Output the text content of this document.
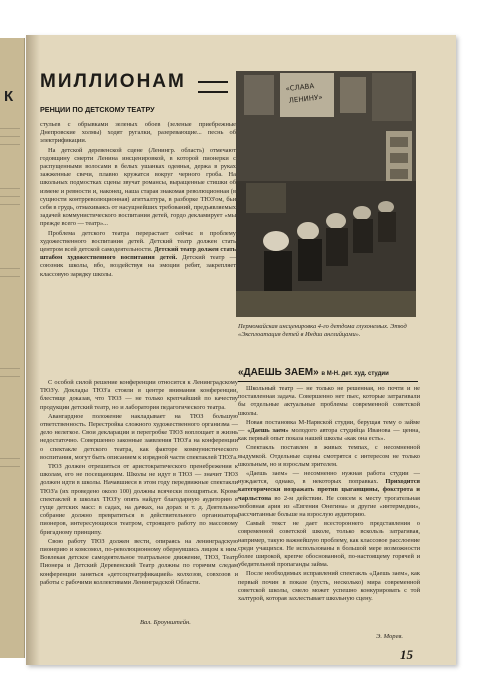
К
МИЛЛИОНАМ
РЕНЦИИ ПО ДЕТСКОМУ ТЕАТРУ

стульев с обрывками зеленых обоев (зеленые приебрежные Днепровские холмы) ходят ругалки, разеревающие... песнь об электрификации.

На детской деревенской сцене (Ленингр. область) отмечают годовщину смерти Ленина инсценировкой, в которой пионерки с распущенными волосами в белых ушанках одеянья, держа в руках зажженные свечи, плавно кружатся вокруг черного гроба. На школьных подмостках сцены звучат романсы, выращенные стишки об измене и ревности и, наконец, наша старая знакомая революционная (в сущности контрреволюционная) агитхалтура, в разборке ТЮЗ'ом, бьи себя в грудь, отмахиваясь от насущнейших требований, предъявляемых задачей коммунистического воспитания детей, гордо декламирует «мы прежде всего — театр»...

Проблема детского театра перерастает сейчас в проблему художественного воспитания детей. Детский театр должен стать центром всей детской самодеятельности. Детский театр должен стать штабом художественного воспитания детей. Детский театр — союзник школы, вбо, воздействуя на эмоции ребят, закрепляет классовую зарядку школы.

С особой силой решение конференции относится к Ленинградскому ТЮЗ'у. Доклады ТЮЗ'а стояли в центре внимания конференции, блестяще доказав, что ТЮЗ — не только крепчайший по качеству продукции детский театр, но и лаборатория педагогического театра.

Авангардное положение накладывает на ТЮЗ большую ответственность. Перестройка сложного художественного организма — дело нелегкое. Свои декларации и перегробке ТЮЗ воплощает в жизнь недостаточно. Совершенно законные заявления ТЮЗ'а на конференции о спектакле детского театра, как факторе коммунистического воспитания, могут быть описанием к изрядной части спектаклей ТЮЗ'а.

ТЮЗ должен отрешиться от аристократического пренебрежения к школам, его не посещающим. Школы не идут в ТЮЗ — значит ТЮЗ должен идти в школы. Начавшиеся в этом году передвижные спектакли ТЮЗ'а (их проведено около 100) должны всячески поощряться. Кроме спектаклей в школах ТЮЗ'у опять найдут благодарную аудиторию в гуще детских масс: в садах, на дачках, на дорах и т. д. Деятельное собрание должно превратиться в действительного организатора пионеров, интересующихся театром, строящего работу по массовому бригадному принципу.

Свою работу ТЮЗ должен вести, опираясь на ленинградскую пионерию и комсомол, по-революционному обернувшись лицом к ним. Вовлекая детское самодеятельное театральное движение, ТЮЗ, Театр Пионера и Детский Деревенский Театр должны по горячим следам конференции заняться «детсоцтеатрфикацией» колхозов, совхозов и работы с рабочими коллективами Ленинградской Области.

Вал. Броунштейн.
«СЛАВА
ЛЕНИНУ»
Пермомайская инсценировка 4-го детдома глухонемых. Этюд «Эксплоатация детей в Индии английцами».
«ДАЕШЬ ЗАЕМ» в М-Н. дет. худ. студии

Школьный театр — не только не решенная, но почти и не поставленная задача. Совершенно нет пьес, которые затрагивали бы отдельные актуальные проблемы современной советской школы.

Новая постановка М-Нарвской студии, берущая тему о займе — «Даешь заем» молодого автора студийца Иванова — ценна, как первый опыт показа нашей школы «как она есть».

Спектакль поставлен в живых темпах, с несомненной выдумкой. Отдельные сцены смотрятся с интересом не только школьным, но и взрослым зрителем.

«Даешь заем» — несомненно нужная работа студии — нуждается, однако, в некоторых поправках. Приходится категорически возражать против цыганщины, фокстрота и чарльстона во 2-м действии. Не совсем к месту трогательная любовная ария из «Евгения Онегина» и другие «интермедии», рассчитанные больше на взрослую аудиторию.

Самый текст не дает всестороннего представления о современной советской школе, только вскользь затрагивая, например, такую важнейшую проблему, как классовое расслоение среди учащихся. Не использованы в большой мере возможности более широкой, крепче обоснованной, по-настоящему горячей и убедительной пропаганды займа.

После необходимых исправлений спектакль «Даешь заем», как первый почин в показе (пусть, несколько) мира современной советской школы, смело может успешно конкурировать с той халтурой, которая захлестывает школьную сцену.

Э. Морев.
15
